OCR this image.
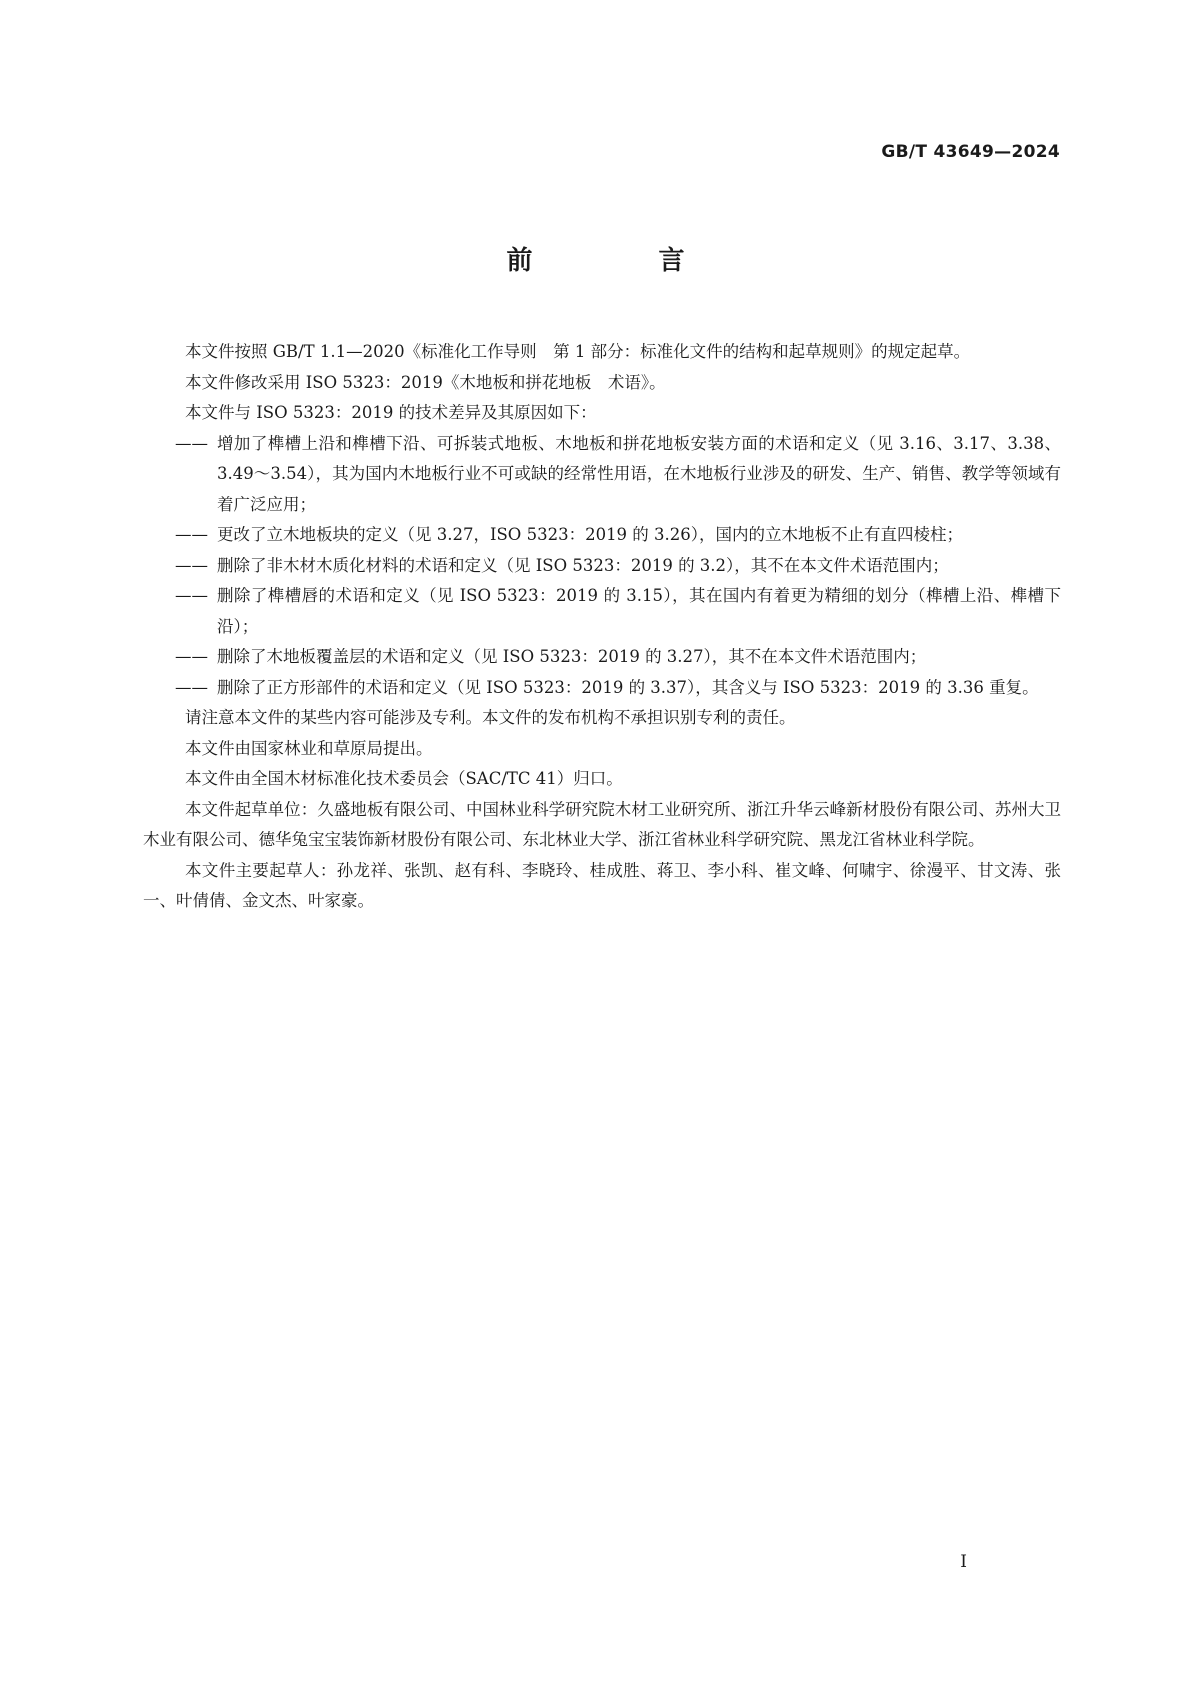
GB/T 43649—2024
前　言

本文件按照 GB/T 1.1—2020《标准化工作导则　第 1 部分：标准化文件的结构和起草规则》的规定起草。

本文件修改采用 ISO 5323：2019《木地板和拼花地板　术语》。

本文件与 ISO 5323：2019 的技术差异及其原因如下：

—— 增加了榫槽上沿和榫槽下沿、可拆装式地板、木地板和拼花地板安装方面的术语和定义（见 3.16、3.17、3.38、3.49～3.54），其为国内木地板行业不可或缺的经常性用语，在木地板行业涉及的研发、生产、销售、教学等领域有着广泛应用；
—— 更改了立木地板块的定义（见 3.27，ISO 5323：2019 的 3.26），国内的立木地板不止有直四棱柱；
—— 删除了非木材木质化材料的术语和定义（见 ISO 5323：2019 的 3.2），其不在本文件术语范围内；
—— 删除了榫槽唇的术语和定义（见 ISO 5323：2019 的 3.15），其在国内有着更为精细的划分（榫槽上沿、榫槽下沿）；
—— 删除了木地板覆盖层的术语和定义（见 ISO 5323：2019 的 3.27），其不在本文件术语范围内；
—— 删除了正方形部件的术语和定义（见 ISO 5323：2019 的 3.37），其含义与 ISO 5323：2019 的 3.36 重复。

请注意本文件的某些内容可能涉及专利。本文件的发布机构不承担识别专利的责任。

本文件由国家林业和草原局提出。

本文件由全国木材标准化技术委员会（SAC/TC 41）归口。

本文件起草单位：久盛地板有限公司、中国林业科学研究院木材工业研究所、浙江升华云峰新材股份有限公司、苏州大卫木业有限公司、德华兔宝宝装饰新材股份有限公司、东北林业大学、浙江省林业科学研究院、黑龙江省林业科学院。

本文件主要起草人：孙龙祥、张凯、赵有科、李晓玲、桂成胜、蒋卫、李小科、崔文峰、何啸宇、徐漫平、甘文涛、张一、叶倩倩、金文杰、叶家豪。

I
